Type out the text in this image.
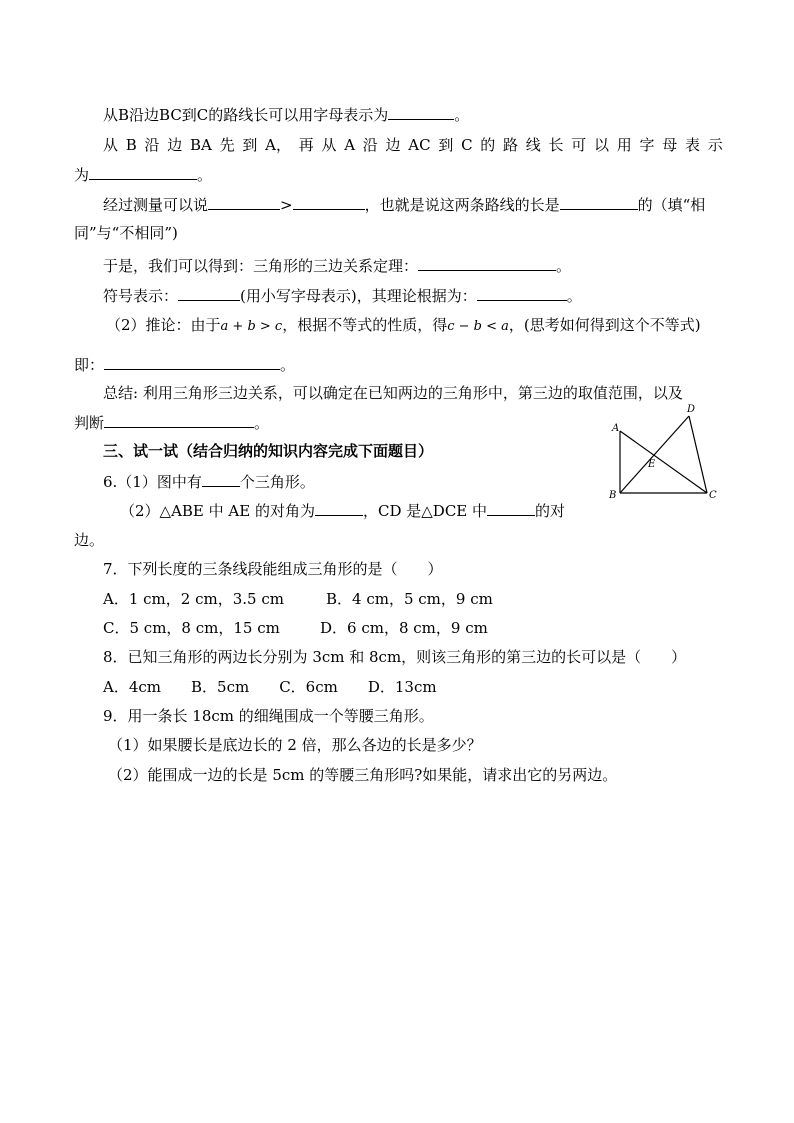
从B沿边BC到C的路线长可以用字母表示为	。
从 B 沿 边 BA 先 到 A， 再 从 A 沿 边 AC 到 C 的 路 线 长 可 以 用 字 母 表 示
为	。
经过测量可以说	>	，也就是说这两条路线的长是	的（填“相
同”与“不相同”)
于是，我们可以得到：三角形的三边关系定理：	。
符号表示：	(用小写字母表示)，其理论根据为：	。
（2）推论：由于a + b > c，根据不等式的性质，得c − b < a，(思考如何得到这个不等式)
即：	。
总结: 利用三角形三边关系，可以确定在已知两边的三角形中，第三边的取值范围，以及
判断	。
三、试一试（结合归纳的知识内容完成下面题目）
6.（1）图中有	个三角形。
（2）△ABE 中 AE 的对角为	，CD 是△DCE 中	的对
边。
A
B	C
D
E
7．下列长度的三条线段能组成三角形的是（　　）
A．1 cm，2 cm，3.5 cm	B．4 cm，5 cm，9 cm
C．5 cm，8 cm，15 cm	D．6 cm，8 cm，9 cm
8．已知三角形的两边长分别为 3cm 和 8cm，则该三角形的第三边的长可以是（　　）
A．4cm　　B．5cm　　C．6cm　　D．13cm
9．用一条长 18cm 的细绳围成一个等腰三角形。
（1）如果腰长是底边长的 2 倍，那么各边的长是多少？
（2）能围成一边的长是 5cm 的等腰三角形吗?如果能，请求出它的另两边。
